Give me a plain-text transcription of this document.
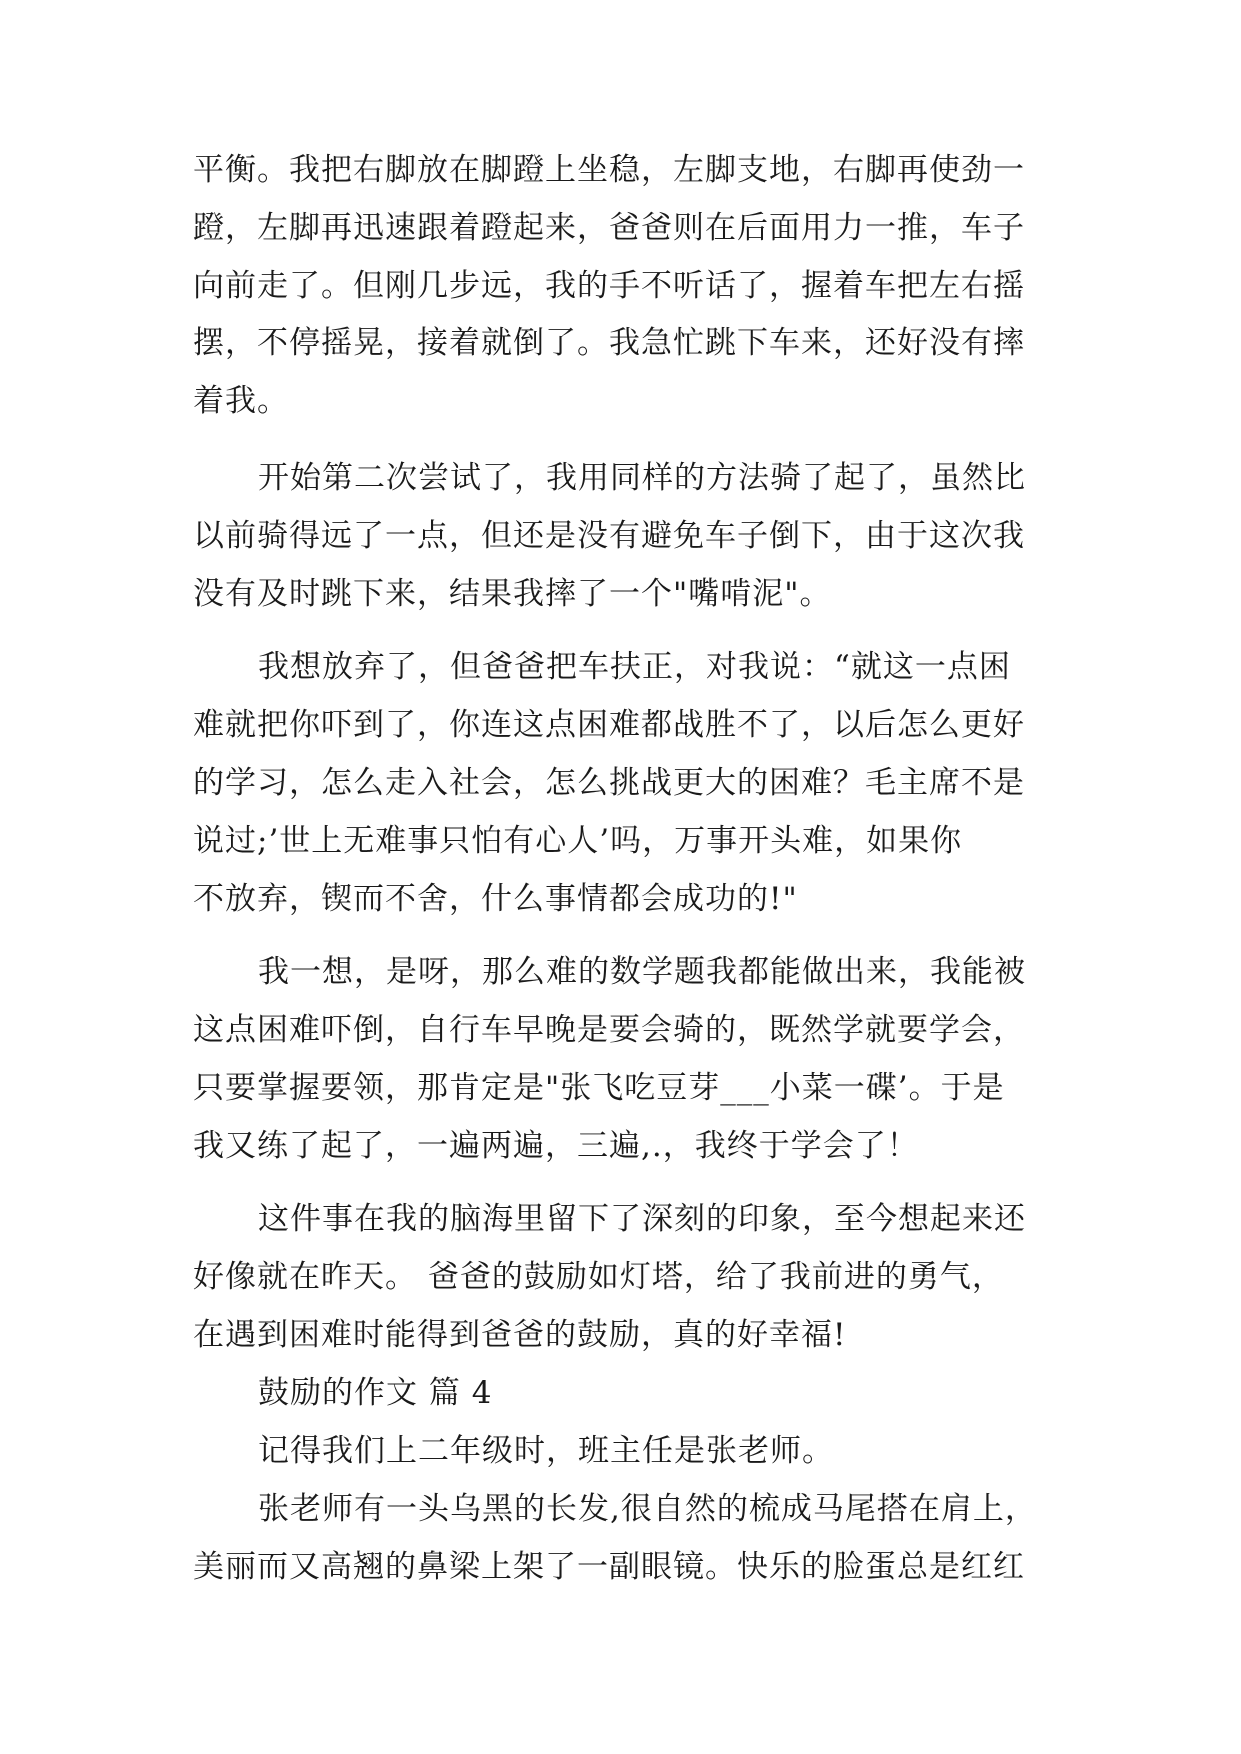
平衡。我把右脚放在脚蹬上坐稳，左脚支地，右脚再使劲一
蹬，左脚再迅速跟着蹬起来，爸爸则在后面用力一推，车子
向前走了。但刚几步远，我的手不听话了，握着车把左右摇
摆，不停摇晃，接着就倒了。我急忙跳下车来，还好没有摔
着我。
开始第二次尝试了，我用同样的方法骑了起了，虽然比
以前骑得远了一点，但还是没有避免车子倒下，由于这次我
没有及时跳下来，结果我摔了一个"嘴啃泥"。
我想放弃了，但爸爸把车扶正，对我说：“就这一点困
难就把你吓到了，你连这点困难都战胜不了，以后怎么更好
的学习，怎么走入社会，怎么挑战更大的困难？毛主席不是
说过;’世上无难事只怕有心人’吗，万事开头难，如果你
不放弃，锲而不舍，什么事情都会成功的!"
我一想，是呀，那么难的数学题我都能做出来，我能被
这点困难吓倒，自行车早晚是要会骑的，既然学就要学会，
只要掌握要领，那肯定是"张飞吃豆芽___小菜一碟’。于是
我又练了起了，一遍两遍，三遍,.，我终于学会了！
这件事在我的脑海里留下了深刻的印象，至今想起来还
好像就在昨天。 爸爸的鼓励如灯塔，给了我前进的勇气，
在遇到困难时能得到爸爸的鼓励，真的好幸福!
鼓励的作文 篇 4
记得我们上二年级时，班主任是张老师。
张老师有一头乌黑的长发,很自然的梳成马尾搭在肩上，
美丽而又高翘的鼻梁上架了一副眼镜。快乐的脸蛋总是红红
